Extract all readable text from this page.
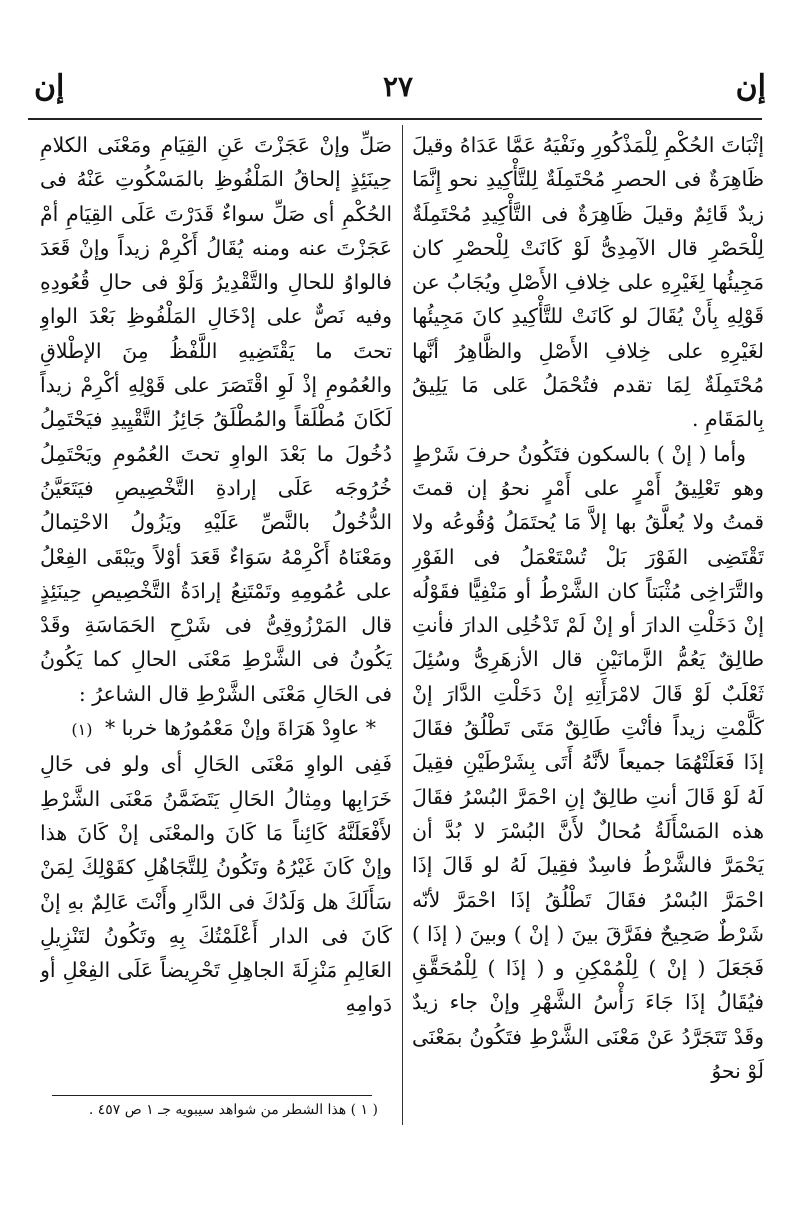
إن
٢٧
إن

إثْبَاتَ الحُكْمِ لِلْمَذْكُورِ ونَفْيَهُ عَمَّا عَدَاهُ وقيلَ ظَاهِرَةٌ فى الحصرِ مُحْتَمِلَةٌ لِلتَّأْكِيدِ نحو إِنَّمَا زيدٌ قَائِمٌ وقيلَ ظَاهِرَةٌ فى التَّأْكِيدِ مُحْتَمِلَةٌ لِلْحَصْرِ قال الآمِدِىُّ لَوْ كَانَتْ لِلْحصْرِ كان مَجِيئُها لِغَيْرِهِ على خِلافِ الأَصْلِ ويُجَابُ عن قَوْلِهِ بِأَنْ يُقَالَ لو كَانَتْ للتَّأْكِيدِ كانَ مَجِيئُها لغَيْرِهِ على خِلافِ الأَصْلِ والظَّاهِرُ أنَّها مُحْتَمِلَةٌ لِمَا تقدم فتُحْمَلُ عَلى مَا يَلِيقُ بِالمَقَامِ .

وأما ( إنْ ) بالسكون فتَكُونُ حرفَ شَرْطٍ وهو تَعْلِيقُ أَمْرٍ على أَمْرٍ نحوُ إن قمتَ قمتُ ولا يُعلَّقُ بها إلاَّ مَا يُحتَمَلُ وُقُوعُه ولا تَقْتَضِى الفَوْرَ بَلْ تُسْتَعْمَلُ فى الفَوْرِ والتَّرَاخِى مُثْبَتاً كان الشَّرْطُ أو مَنْفِيًّا فقَوْلُه إنْ دَخَلْتِ الدارَ أو إنْ لَمْ تَدْخُلِى الدارَ فأنتِ طالِقٌ يَعُمُّ الزَّمانَيْنِ قال الأزهَرِىُّ وسُئِلَ ثَعْلَبٌ لَوْ قَالَ لامْرَأَتِهِ إنْ دَخَلْتِ الدَّارَ إنْ كَلَّمْتِ زيداً فأنْتِ طَالِقٌ مَتَى تَطْلُقُ فقَالَ إذَا فَعَلَتْهُمَا جميعاً لأنَّهُ أَتَى بِشَرْطَيْنِ فقِيلَ لَهُ لَوْ قَالَ أنتِ طالِقٌ إنِ احْمَرَّ البُسْرُ فقَالَ هذه المَسْأَلَةُ مُحالٌ لأَنَّ البُسْرَ لا بُدَّ أن يَحْمَرَّ فالشَّرْطُ فاسِدٌ فقِيلَ لَهُ لو قَالَ إذَا احْمَرَّ البُسْرُ فقَالَ تَطْلُقُ إذَا احْمَرَّ لأنّه شَرْطٌ صَحِيحٌ ففَرَّقَ بينَ ( إنْ ) وبينَ ( إذَا ) فَجَعَلَ ( إنْ ) لِلْمُمْكِنِ و ( إذَا ) لِلْمُحَقَّقِ فيُقَالُ إذَا جَاءَ رَأْسُ الشَّهْرِ وإنْ جاء زيدٌ وقَدْ تَتَجَرَّدُ عَنْ مَعْنَى الشَّرْطِ فتَكُونُ بمَعْنَى لَوْ نحوُ

صَلِّ وإنْ عَجَزْتَ عَنِ القِيَامِ ومَعْنَى الكلامِ حِينَئِذٍ إلحاقُ المَلْفُوظِ بالمَسْكُوتِ عَنْهُ فى الحُكْمِ أى صَلِّ سواءٌ قَدَرْتَ عَلَى القِيَامِ أمْ عَجَزْتَ عنه ومنه يُقَالُ أَكْرِمْ زيداً وإنْ قَعَدَ فالواوُ للحالِ والتَّقْدِيرُ وَلَوْ فى حالِ قُعُودِهِ وفيه نَصٌّ على إدْخَالِ المَلْفُوظِ بَعْدَ الواوِ تحتَ ما يَقْتَضِيهِ اللَّفْظُ مِنَ الإطْلاقِ والعُمُومِ إذْ لَوِ اقْتَصَرَ على قَوْلِهِ أكْرِمْ زيداً لَكَانَ مُطْلَقاً والمُطْلَقُ جَائِزُ التَّقْيِيدِ فيَحْتَمِلُ دُخُولَ ما بَعْدَ الواوِ تحتَ العُمُومِ ويَحْتَمِلُ خُرُوجَه عَلَى إرادةِ التَّخْصِيصِ فيَتَعَيَّنُ الدُّخُولُ بالنَّصِّ عَلَيْهِ ويَزُولُ الاحْتِمالُ ومَعْنَاهُ أَكْرِمْهُ سَوَاءٌ قَعَدَ أوْلاً ويَبْقَى الفِعْلُ على عُمُومِهِ وتَمْتَنِعُ إرادَةُ التَّخْصِيصِ حِينَئِذٍ قال المَرْزُوقِىُّ فى شَرْحِ الحَمَاسَةِ وقَدْ يَكُونُ فى الشَّرْطِ مَعْنَى الحالِ كما يَكُونُ فى الحَالِ مَعْنَى الشَّرْطِ قال الشاعرُ :

* عاوِدْ هَرَاةَ وإنْ مَعْمُورُها خربا * (١)

فَفِى الواوِ مَعْنَى الحَالِ أى ولو فى حَالِ خَرَابِها ومِثالُ الحَالِ يَتَضَمَّنُ مَعْنَى الشَّرْطِ لأَفْعَلَنَّهُ كَائِناً مَا كَانَ والمعْنَى إنْ كَانَ هذا وإنْ كَانَ غَيْرُهُ وتَكُونُ لِلتَّجَاهُلِ كقَوْلِكَ لِمَنْ سَأَلَكَ هل وَلَدُكَ فى الدَّارِ وأَنْتَ عَالِمٌ بهِ إنْ كَانَ فى الدار أَعْلَمْتُكَ بِهِ وتَكُونُ لتَنْزِيلِ العَالِمِ مَنْزِلَةَ الجاهِلِ تَحْرِيضاً عَلَى الفِعْلِ أو دَوامِهِ

( ١ ) هذا الشطر من شواهد سيبويه جـ ١ ص ٤٥٧ .
